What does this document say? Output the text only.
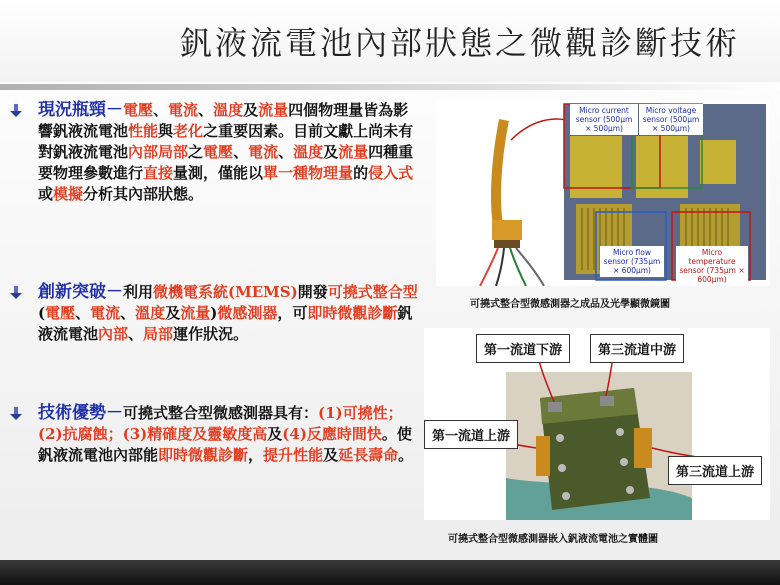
釩液流電池內部狀態之微觀診斷技術
現況瓶頸－電壓、電流、溫度及流量四個物理量皆為影響釩液流電池性能與老化之重要因素。目前文獻上尚未有對釩液流電池內部局部之電壓、電流、溫度及流量四種重要物理參數進行直接量測，僅能以單一種物理量的侵入式或模擬分析其內部狀態。
創新突破－利用微機電系統(MEMS)開發可撓式整合型(電壓、電流、溫度及流量)微感測器，可即時微觀診斷釩液流電池內部、局部運作狀況。
技術優勢－可撓式整合型微感測器具有：(1)可撓性；(2)抗腐蝕；(3)精確度及靈敏度高及(4)反應時間快。使釩液流電池內部能即時微觀診斷，提升性能及延長壽命。
Micro current sensor (500μm × 500μm)
Micro voltage sensor (500μm × 500μm)
Micro flow sensor (735μm × 600μm)
Micro temperature sensor (735μm × 600μm)
可撓式整合型微感測器之成品及光學顯微鏡圖
第一流道下游	第三流道中游
第一流道上游
第三流道上游
可撓式整合型微感測器嵌入釩液流電池之實體圖
